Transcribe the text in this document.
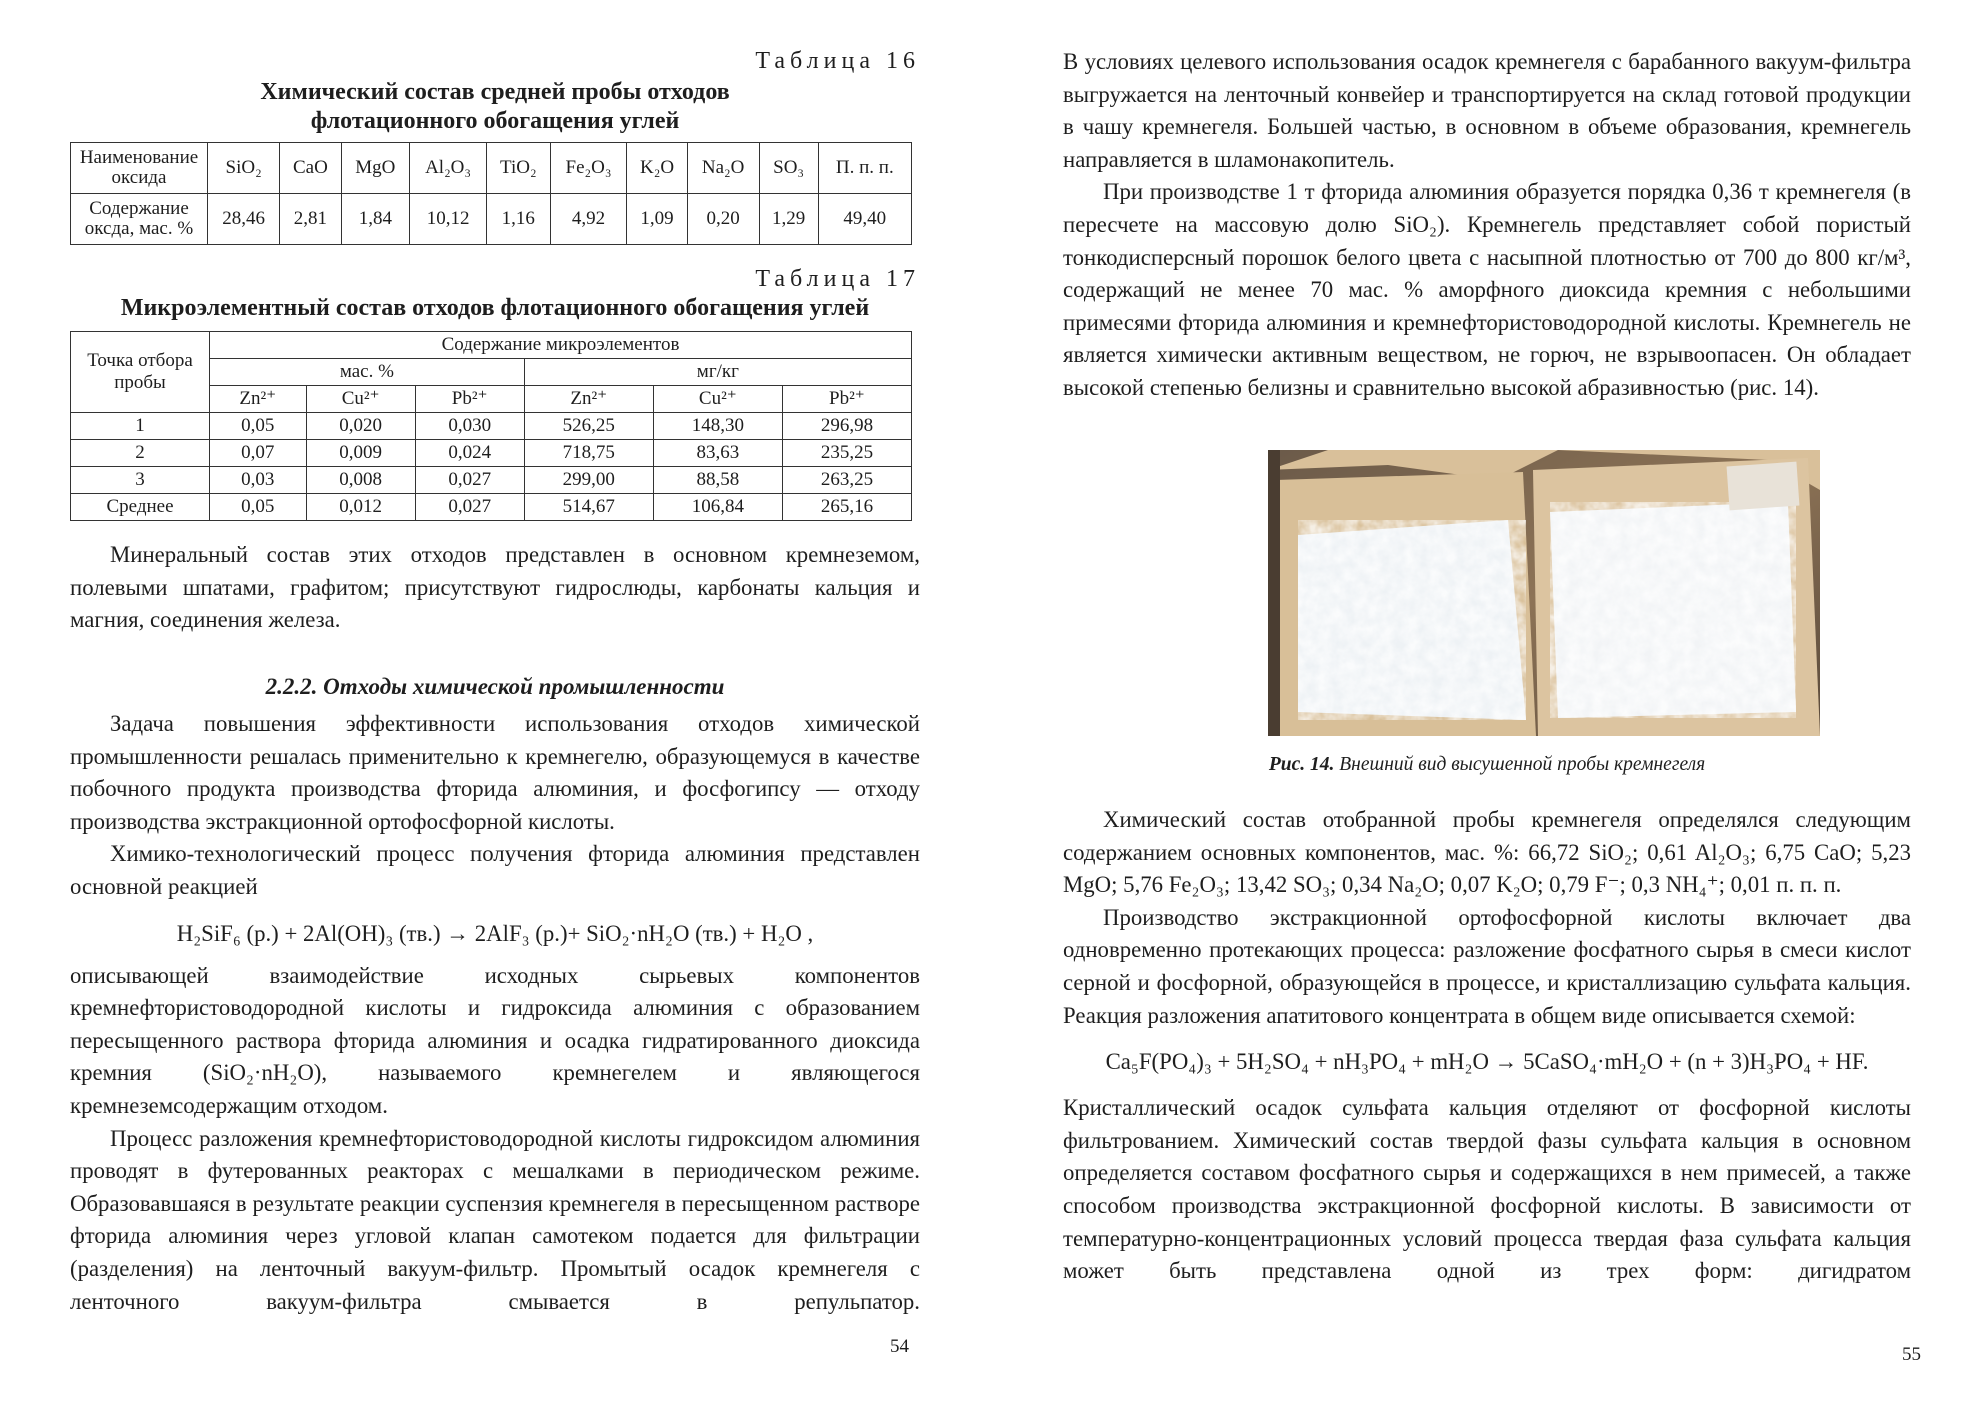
Таблица 16

Химический состав средней пробы отходов

флотационного обогащения углей

Наименование оксида	SiO₂	CaO	MgO	Al₂O₃	TiO₂	Fe₂O₃	K₂O	Na₂O	SO₃	П. п. п.
Содержание оксда, мас. %	28,46	2,81	1,84	10,12	1,16	4,92	1,09	0,20	1,29	49,40

Таблица 17

Микроэлементный состав отходов флотационного обогащения углей

Точка отбора пробы	Содержание микроэлементов					
	мас. %			мг/кг		
	Zn²⁺	Cu²⁺	Pb²⁺	Zn²⁺	Cu²⁺	Pb²⁺
1	0,05	0,020	0,030	526,25	148,30	296,98
2	0,07	0,009	0,024	718,75	83,63	235,25
3	0,03	0,008	0,027	299,00	88,58	263,25
Среднее	0,05	0,012	0,027	514,67	106,84	265,16

Минеральный состав этих отходов представлен в основном кремнеземом, полевыми шпатами, графитом; присутствуют гидрослюды, карбонаты кальция и магния, соединения железа.

2.2.2. Отходы химической промышленности

Задача повышения эффективности использования отходов химической промышленности решалась применительно к кремнегелю, образующемуся в качестве побочного продукта производства фторида алюминия, и фосфогипсу — отходу производства экстракционной ортофосфорной кислоты.

Химико-технологический процесс получения фторида алюминия представлен основной реакцией

H₂SiF₆ (р.) + 2Al(OH)₃ (тв.) → 2AlF₃ (р.)+ SiO₂·nH₂O (тв.) + H₂O ,

описывающей взаимодействие исходных сырьевых компонентов кремнефтористоводородной кислоты и гидроксида алюминия с образованием пересыщенного раствора фторида алюминия и осадка гидратированного диоксида кремния (SiO₂·nH₂O), называемого кремнегелем и являющегося кремнеземсодержащим отходом.

Процесс разложения кремнефтористоводородной кислоты гидроксидом алюминия проводят в футерованных реакторах с мешалками в периодическом режиме. Образовавшаяся в результате реакции суспензия кремнегеля в пересыщенном растворе фторида алюминия через угловой клапан самотеком подается для фильтрации (разделения) на ленточный вакуум-фильтр. Промытый осадок кремнегеля с ленточного вакуум-фильтра смывается в репульпатор.

54

В условиях целевого использования осадок кремнегеля с барабанного вакуум-фильтра выгружается на ленточный конвейер и транспортируется на склад готовой продукции в чашу кремнегеля. Большей частью, в основном в объеме образования, кремнегель направляется в шламонакопитель.

При производстве 1 т фторида алюминия образуется порядка 0,36 т кремнегеля (в пересчете на массовую долю SiO₂). Кремнегель представляет собой пористый тонкодисперсный порошок белого цвета с насыпной плотностью от 700 до 800 кг/м³, содержащий не менее 70 мас. % аморфного диоксида кремния с небольшими примесями фторида алюминия и кремнефтористоводородной кислоты. Кремнегель не является химически активным веществом, не горюч, не взрывоопасен. Он обладает высокой степенью белизны и сравнительно высокой абразивностью (рис. 14).

Рис. 14. Внешний вид высушенной пробы кремнегеля

Химический состав отобранной пробы кремнегеля определялся следующим содержанием основных компонентов, мас. %: 66,72 SiO₂; 0,61 Al₂O₃; 6,75 CaO; 5,23 MgO; 5,76 Fe₂O₃; 13,42 SO₃; 0,34 Na₂O; 0,07 K₂O; 0,79 F⁻; 0,3 NH₄⁺; 0,01 п. п. п.

Производство экстракционной ортофосфорной кислоты включает два одновременно протекающих процесса: разложение фосфатного сырья в смеси кислот серной и фосфорной, образующейся в процессе, и кристаллизацию сульфата кальция. Реакция разложения апатитового концентрата в общем виде описывается схемой:

Ca₅F(PO₄)₃ + 5H₂SO₄ + nH₃PO₄ + mH₂O → 5CaSO₄·mH₂O + (n + 3)H₃PO₄ + HF.

Кристаллический осадок сульфата кальция отделяют от фосфорной кислоты фильтрованием. Химический состав твердой фазы сульфата кальция в основном определяется составом фосфатного сырья и содержащихся в нем примесей, а также способом производства экстракционной фосфорной кислоты. В зависимости от температурно-концентрационных условий процесса твердая фаза сульфата кальция может быть представлена одной из трех форм: дигидратом

55
